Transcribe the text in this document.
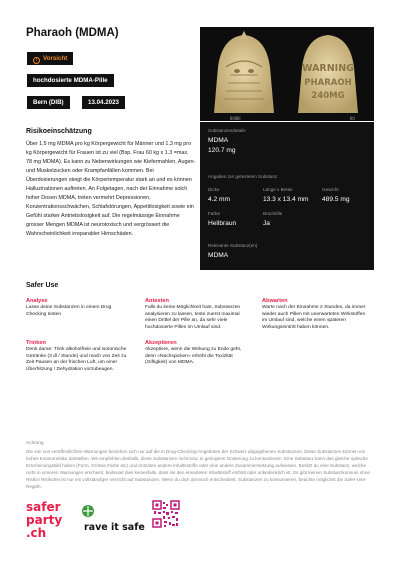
Pharaoh (MDMA)
! Vorsicht
hochdosierte MDMA-Pille
Bern (DIB)	13.04.2023
WARNING
PHARAOH
240MG
|||||||||	||||
Substanzendetails
MDMA
120.7 mg
Angaben zur getesteten Substanz
Dicke
4.2 mm
Länge x Breite
13.3 x 13.4 mm
Gewicht
489.5 mg
Farbe
Hellbraun
Bruchrille
Ja
Relevante Substanz(en)
MDMA
Risikoeinschätzung
Über 1.5 mg MDMA pro kg Körpergewicht für Männer und 1.3 mg pro kg Körpergewicht für Frauen ist zu viel (Bsp. Frau 60 kg x 1.3 =max. 78 mg MDMA). Es kann zu Nebenwirkungen wie Kiefermahlen, Augen- und Muskelzucken oder Krampfanfällen kommen. Bei Überdosierungen steigt die Körpertemperatur stark an und es können Halluzinationen auftreten. An Folgetagen, nach der Einnahme solch hoher Dosen MDMA, treten vermehrt Depressionen, Konzentrationsschwächen, Schlafstörungen, Appetitlosigkeit sowie ein Gefühl starker Antriebslosigkeit auf. Die regelmässige Einnahme grosser Mengen MDMA ist neurotoxisch und vergrössert die Wahrscheinlichkeit irreparabler Hirnschäden.
Safer Use
Analyse
Lasse deine Substanzen in einem Drug Checking testen
Antesten
Falls du keine Möglichkeit hast, Substanzen analysieren zu lassen, teste zuerst maximal einen Drittel der Pille an, da sehr viele hochdosierte Pillen im Umlauf sind.
Abwarten
Warte nach der Einnahme 2 Stunden, da immer wieder auch Pillen mit unerwarteten Wirkstoffen im Umlauf sind, welche einen späteren Wirkungseintritt haben können.
Trinken
Denk daran: Trink alkoholfreie und isotonische Getränke (3 dl / Stunde) und mach von Zeit zu Zeit Pausen an der frischen Luft, um einer Überhitzung / Dehydration vorzubeugen.
Akzeptieren
Akzeptiere, wenn die Wirkung zu Ende geht, denn «Nachspicken» erhöht die Toxizität (Giftigkeit) von MDMA.
Achtung
Die von uns veröffentlichten Warnungen beziehen sich nur auf die in Drug-Checking-Angeboten der Schweiz abgegebenen Substanzen. Diese Substanzen können ein hohes Konsumrisiko darstellen. Wir empfehlen deshalb, diese Substanzen nicht bzw. in geringerer Dosierung zu konsumieren. Eine Substanz kann das gleiche optische Erscheinungsbild haben (Form, Grösse,Farbe etc) und trotzdem andere Inhaltsstoffe oder eine andere Zusammensetzung aufweisen. Besitzt du eine Substanz, welche nicht in unseren Warnungen erscheint, bedeutet dies keinesfalls, dass sie den erwarteten Inhaltsstoff enthält oder unbedenklich ist. Es gibt keinen Substanzkonsum ohne Risiko! Risikofrei ist nur ein vollständiger Verzicht auf Substanzen. Wenn du dich dennoch entscheidest, Substanzen zu konsumieren, beachte möglichst die Safer-Use-Regeln.
safer
party
.ch	rave it safe
